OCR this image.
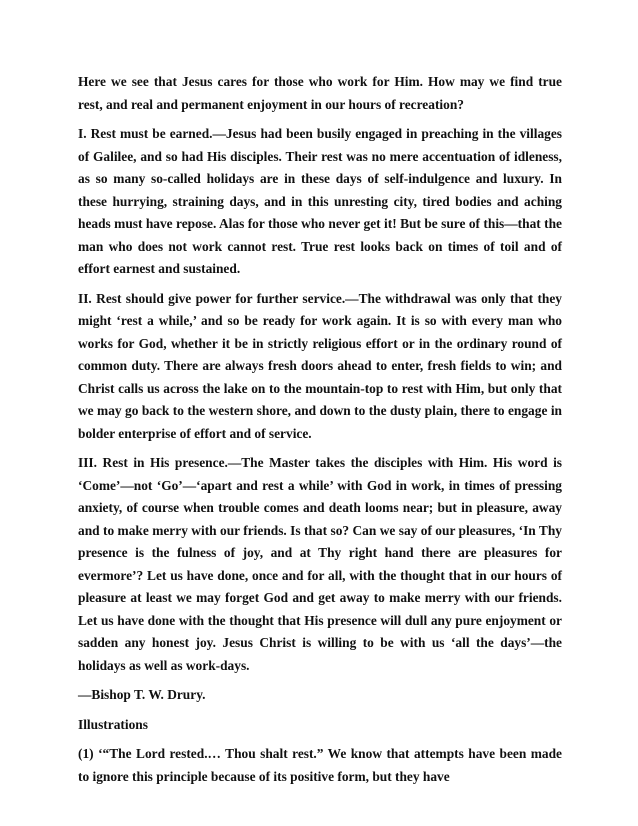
Here we see that Jesus cares for those who work for Him. How may we find true rest, and real and permanent enjoyment in our hours of recreation?

I. Rest must be earned.—Jesus had been busily engaged in preaching in the villages of Galilee, and so had His disciples. Their rest was no mere accentuation of idleness, as so many so-called holidays are in these days of self-indulgence and luxury. In these hurrying, straining days, and in this unresting city, tired bodies and aching heads must have repose. Alas for those who never get it! But be sure of this—that the man who does not work cannot rest. True rest looks back on times of toil and of effort earnest and sustained.

II. Rest should give power for further service.—The withdrawal was only that they might ‘rest a while,’ and so be ready for work again. It is so with every man who works for God, whether it be in strictly religious effort or in the ordinary round of common duty. There are always fresh doors ahead to enter, fresh fields to win; and Christ calls us across the lake on to the mountain-top to rest with Him, but only that we may go back to the western shore, and down to the dusty plain, there to engage in bolder enterprise of effort and of service.

III. Rest in His presence.—The Master takes the disciples with Him. His word is ‘Come’—not ‘Go’—‘apart and rest a while’ with God in work, in times of pressing anxiety, of course when trouble comes and death looms near; but in pleasure, away and to make merry with our friends. Is that so? Can we say of our pleasures, ‘In Thy presence is the fulness of joy, and at Thy right hand there are pleasures for evermore’? Let us have done, once and for all, with the thought that in our hours of pleasure at least we may forget God and get away to make merry with our friends. Let us have done with the thought that His presence will dull any pure enjoyment or sadden any honest joy. Jesus Christ is willing to be with us ‘all the days’—the holidays as well as work-days.

—Bishop T. W. Drury.

Illustrations

(1) ‘“The Lord rested.… Thou shalt rest.” We know that attempts have been made to ignore this principle because of its positive form, but they have
